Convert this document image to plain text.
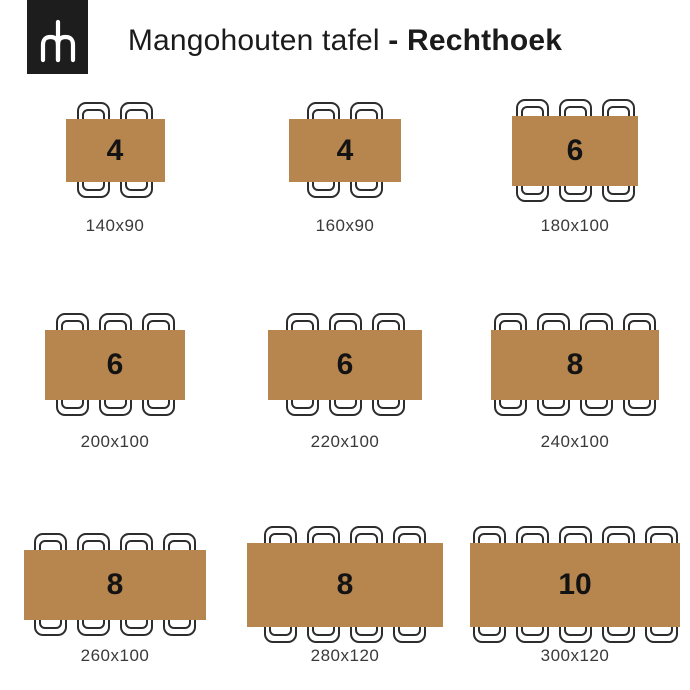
Mangohouten tafel - Rechthoek
4
140x90
4
160x90
6
180x100
6
200x100
6
220x100
8
240x100
8
260x100
8
280x120
10
300x120
